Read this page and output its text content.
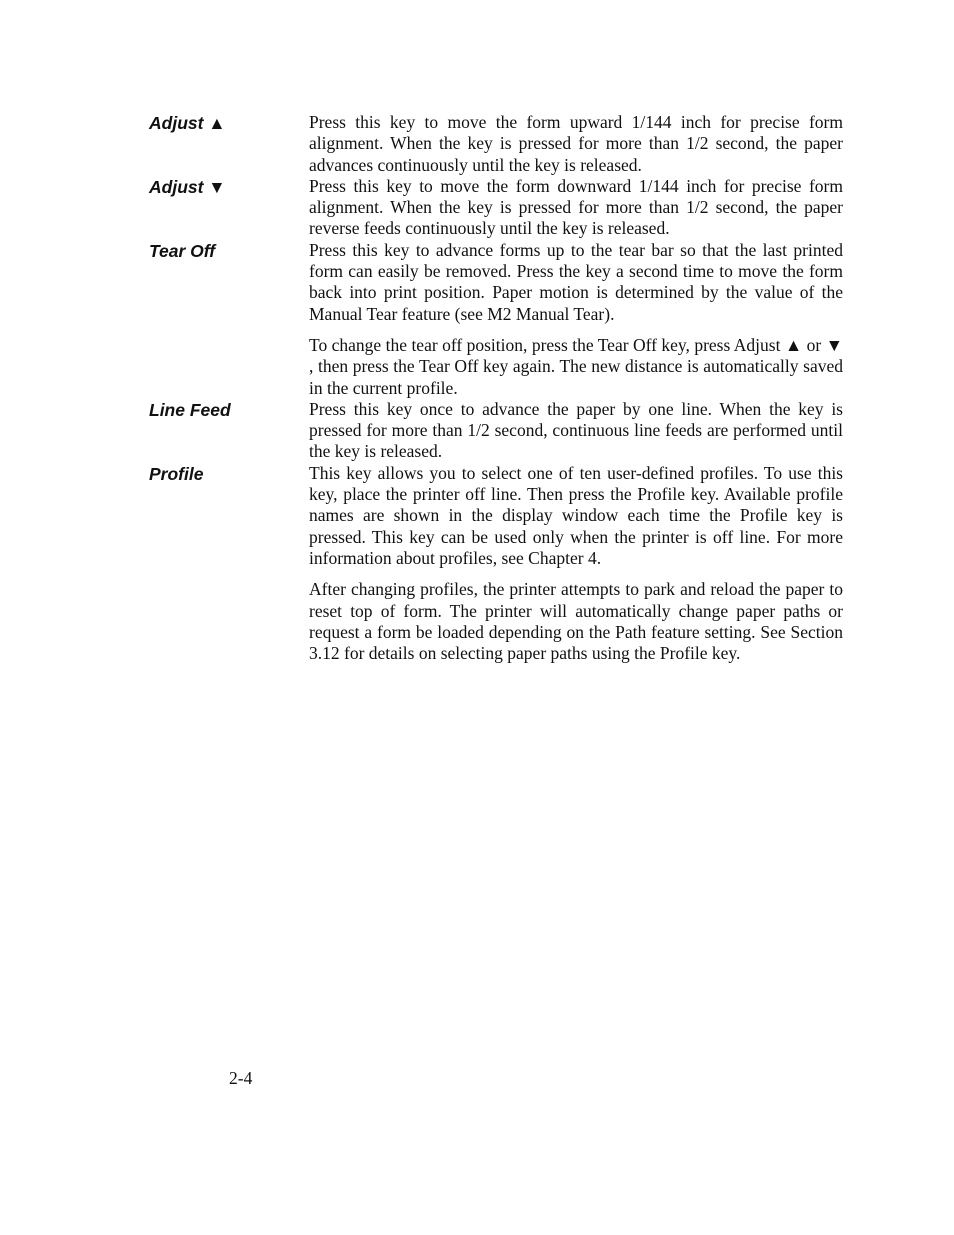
Adjust ▲	Press this key to move the form upward 1/144 inch for precise form alignment. When the key is pressed for more than 1/2 second, the paper advances continuously until the key is released.

Adjust ▼	Press this key to move the form downward 1/144 inch for precise form alignment. When the key is pressed for more than 1/2 second, the paper reverse feeds continuously until the key is released.

Tear Off	Press this key to advance forms up to the tear bar so that the last printed form can easily be removed. Press the key a second time to move the form back into print position. Paper motion is determined by the value of the Manual Tear feature (see M2 Manual Tear).

To change the tear off position, press the Tear Off key, press Adjust ▲ or ▼ , then press the Tear Off key again. The new distance is automatically saved in the current profile.

Line Feed	Press this key once to advance the paper by one line. When the key is pressed for more than 1/2 second, continuous line feeds are performed until the key is released.

Profile	This key allows you to select one of ten user-defined profiles. To use this key, place the printer off line. Then press the Profile key. Available profile names are shown in the display window each time the Profile key is pressed. This key can be used only when the printer is off line. For more information about profiles, see Chapter 4.

After changing profiles, the printer attempts to park and reload the paper to reset top of form. The printer will automatically change paper paths or request a form be loaded depending on the Path feature setting. See Section 3.12 for details on selecting paper paths using the Profile key.

2-4
